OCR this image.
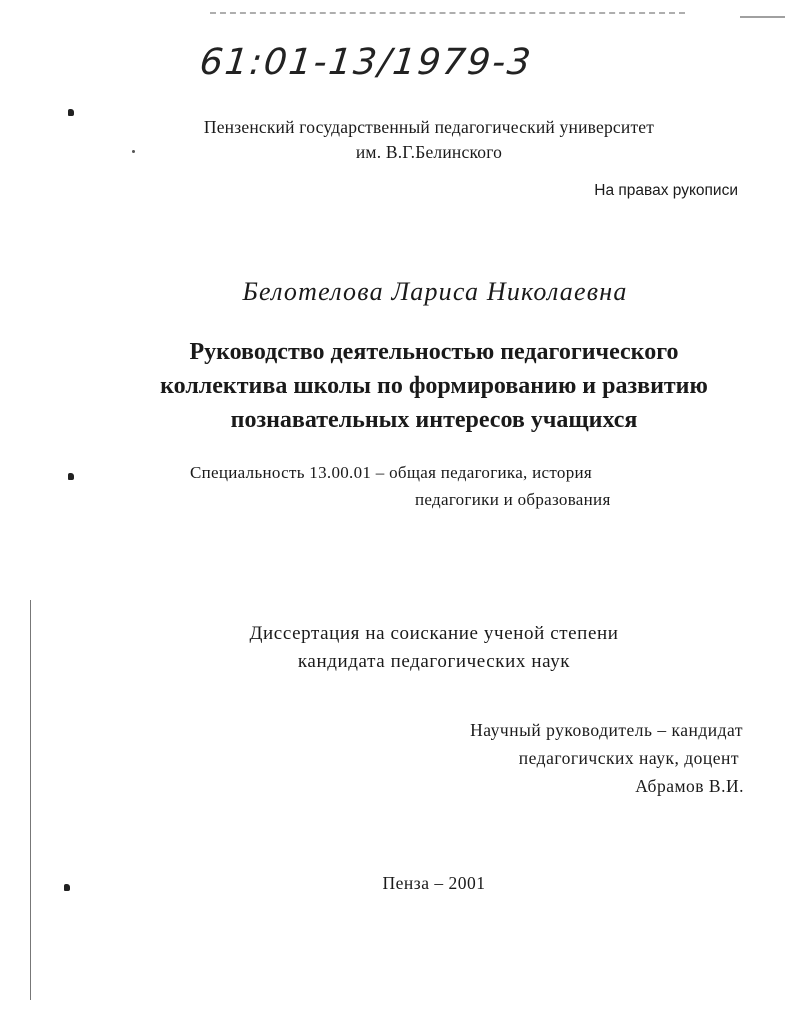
61:01-13/1979-3
Пензенский государственный педагогический университет
им. В.Г.Белинского
На правах рукописи
Белотелова Лариса Николаевна
Руководство деятельностью педагогического
коллектива школы по формированию и развитию
познавательных интересов учащихся
Специальность 13.00.01 – общая педагогика, история
педагогики и образования
Диссертация на соискание ученой степени
кандидата педагогических наук
Научный руководитель – кандидат
педагогичских наук, доцент
Абрамов В.И.
Пенза – 2001
